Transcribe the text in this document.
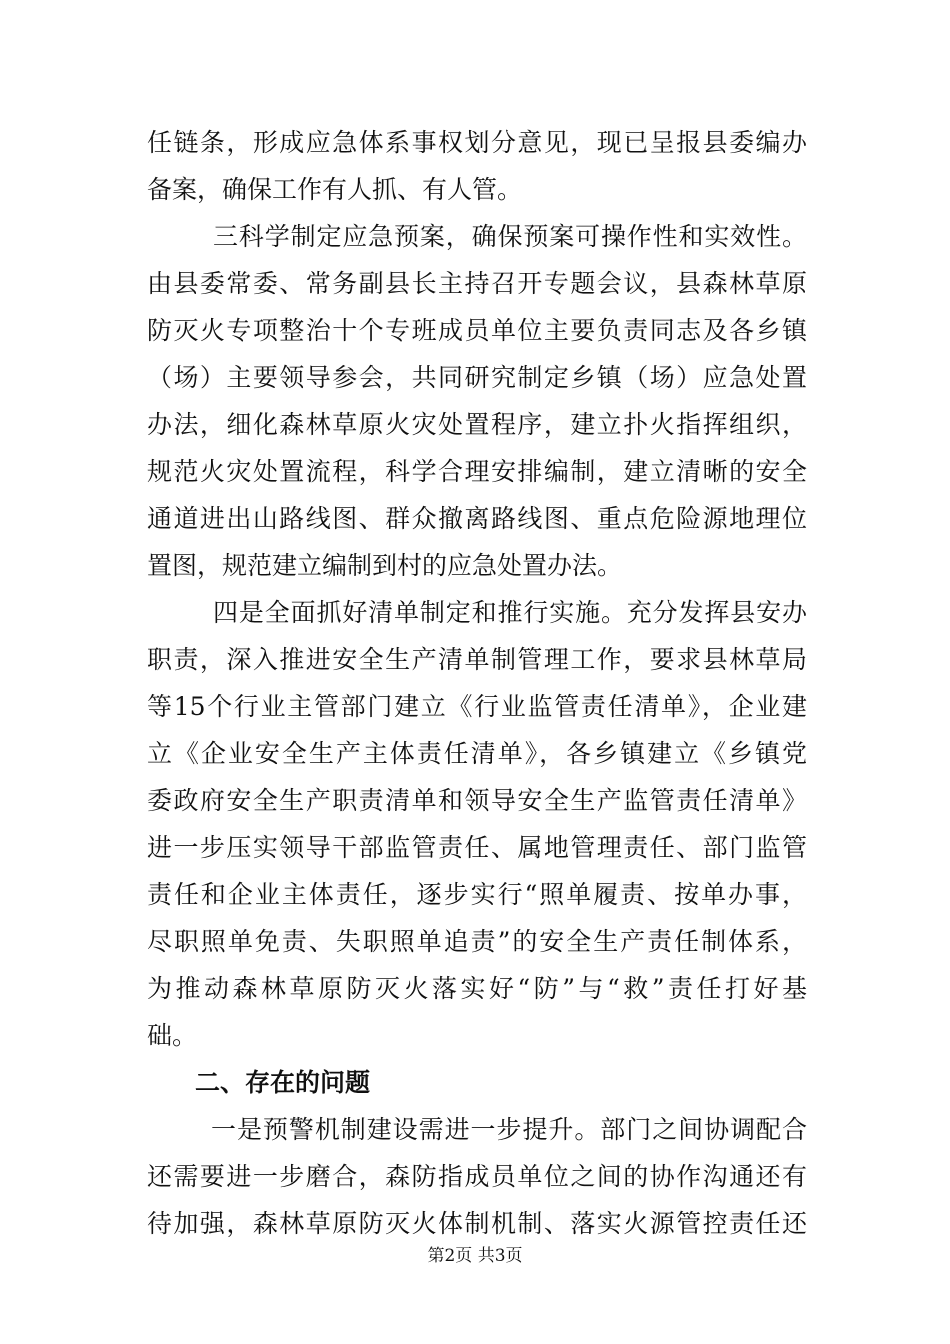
任链条，形成应急体系事权划分意见，现已呈报县委编办
备案，确保工作有人抓、有人管。
三科学制定应急预案，确保预案可操作性和实效性。
由县委常委、常务副县长主持召开专题会议，县森林草原
防灭火专项整治十个专班成员单位主要负责同志及各乡镇
（场）主要领导参会，共同研究制定乡镇（场）应急处置
办法，细化森林草原火灾处置程序，建立扑火指挥组织，
规范火灾处置流程，科学合理安排编制，建立清晰的安全
通道进出山路线图、群众撤离路线图、重点危险源地理位
置图，规范建立编制到村的应急处置办法。
四是全面抓好清单制定和推行实施。充分发挥县安办
职责，深入推进安全生产清单制管理工作，要求县林草局
等15个行业主管部门建立《行业监管责任清单》，企业建
立《企业安全生产主体责任清单》，各乡镇建立《乡镇党
委政府安全生产职责清单和领导安全生产监管责任清单》
进一步压实领导干部监管责任、属地管理责任、部门监管
责任和企业主体责任，逐步实行“照单履责、按单办事，
尽职照单免责、失职照单追责”的安全生产责任制体系，
为推动森林草原防灭火落实好“防”与“救”责任打好基
础。
二、存在的问题
一是预警机制建设需进一步提升。部门之间协调配合
还需要进一步磨合，森防指成员单位之间的协作沟通还有
待加强，森林草原防灭火体制机制、落实火源管控责任还
第2页 共3页
